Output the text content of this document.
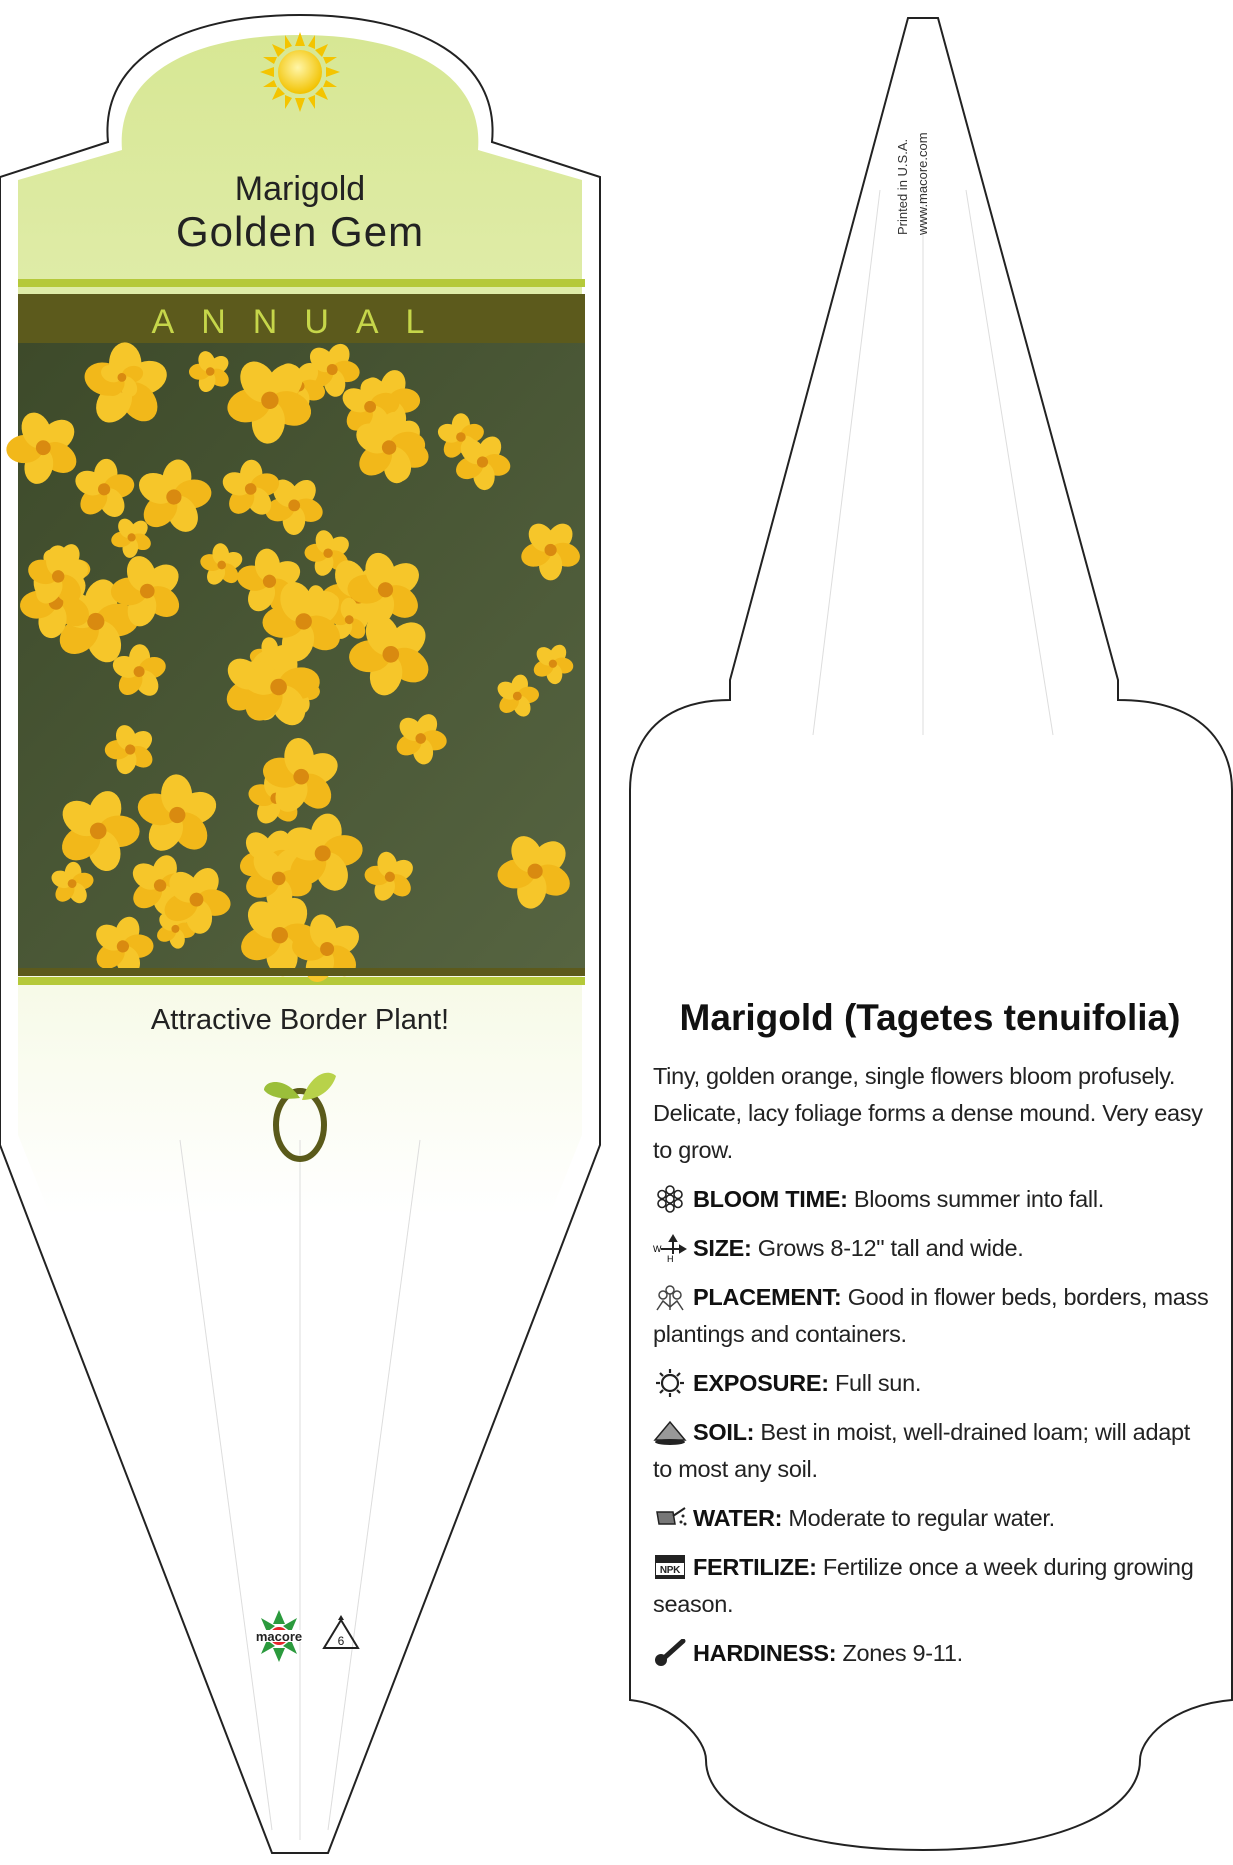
Marigold
Golden Gem
ANNUAL
Attractive Border Plant!
macore	6
Printed in U.S.A. www.macore.com
Marigold (Tagetes tenuifolia)

Tiny, golden orange, single flowers bloom profusely. Delicate, lacy foliage forms a dense mound. Very easy to grow.

BLOOM TIME: Blooms summer into fall.

W
H SIZE: Grows 8-12" tall and wide.

PLACEMENT: Good in flower beds, borders, mass plantings and containers.

EXPOSURE: Full sun.

SOIL: Best in moist, well-drained loam; will adapt to most any soil.

WATER: Moderate to regular water.

NPK FERTILIZE: Fertilize once a week during growing season.

HARDINESS: Zones 9-11.
